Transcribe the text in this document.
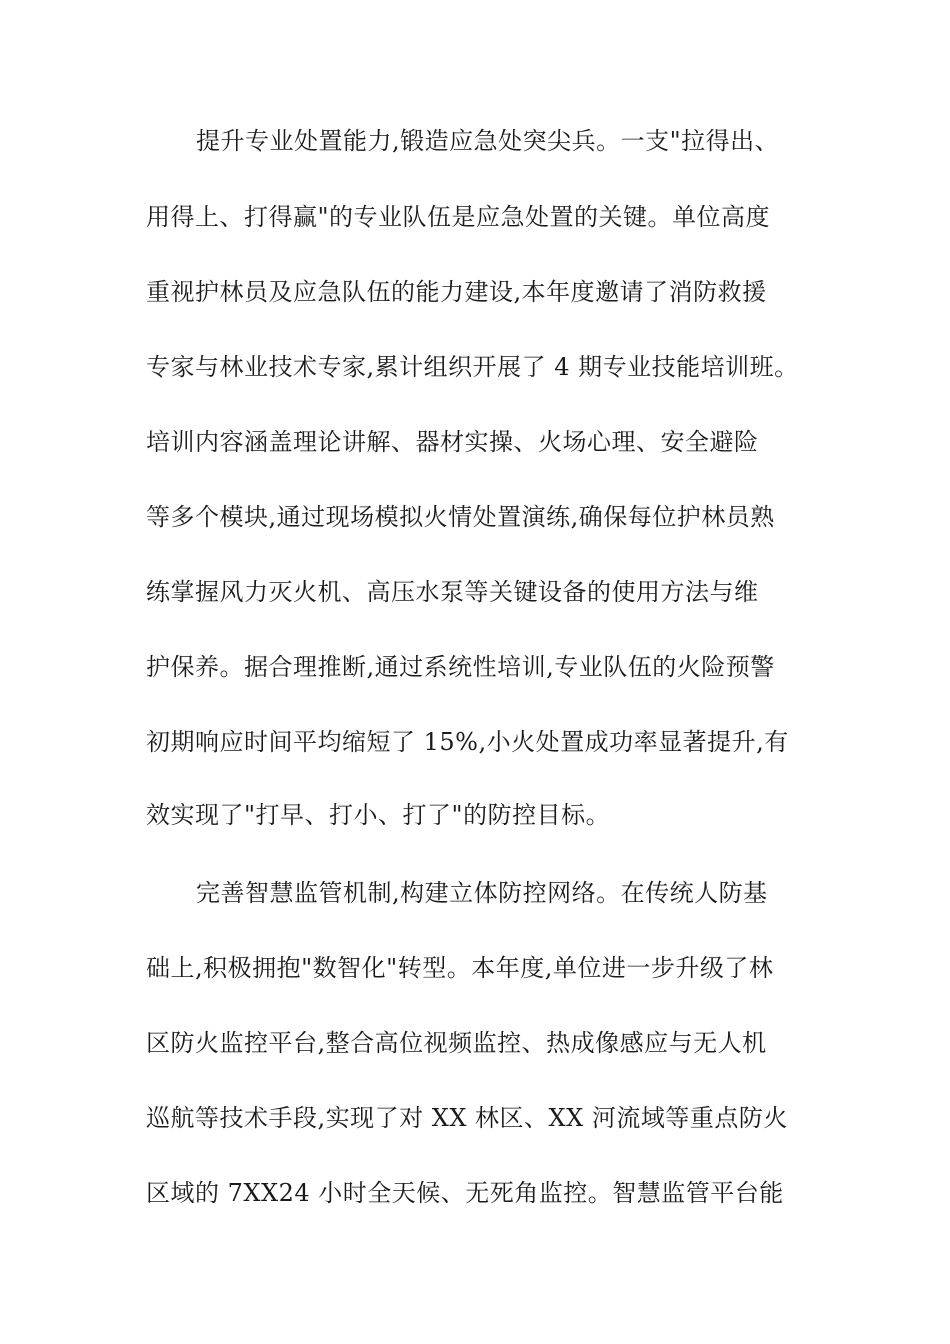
提升专业处置能力,锻造应急处突尖兵。一支"拉得出、

用得上、打得赢"的专业队伍是应急处置的关键。单位高度

重视护林员及应急队伍的能力建设,本年度邀请了消防救援

专家与林业技术专家,累计组织开展了 4 期专业技能培训班。

培训内容涵盖理论讲解、器材实操、火场心理、安全避险

等多个模块,通过现场模拟火情处置演练,确保每位护林员熟

练掌握风力灭火机、高压水泵等关键设备的使用方法与维

护保养。据合理推断,通过系统性培训,专业队伍的火险预警

初期响应时间平均缩短了 15%,小火处置成功率显著提升,有

效实现了"打早、打小、打了"的防控目标。

完善智慧监管机制,构建立体防控网络。在传统人防基

础上,积极拥抱"数智化"转型。本年度,单位进一步升级了林

区防火监控平台,整合高位视频监控、热成像感应与无人机

巡航等技术手段,实现了对 XX 林区、XX 河流域等重点防火

区域的 7XX24 小时全天候、无死角监控。智慧监管平台能
